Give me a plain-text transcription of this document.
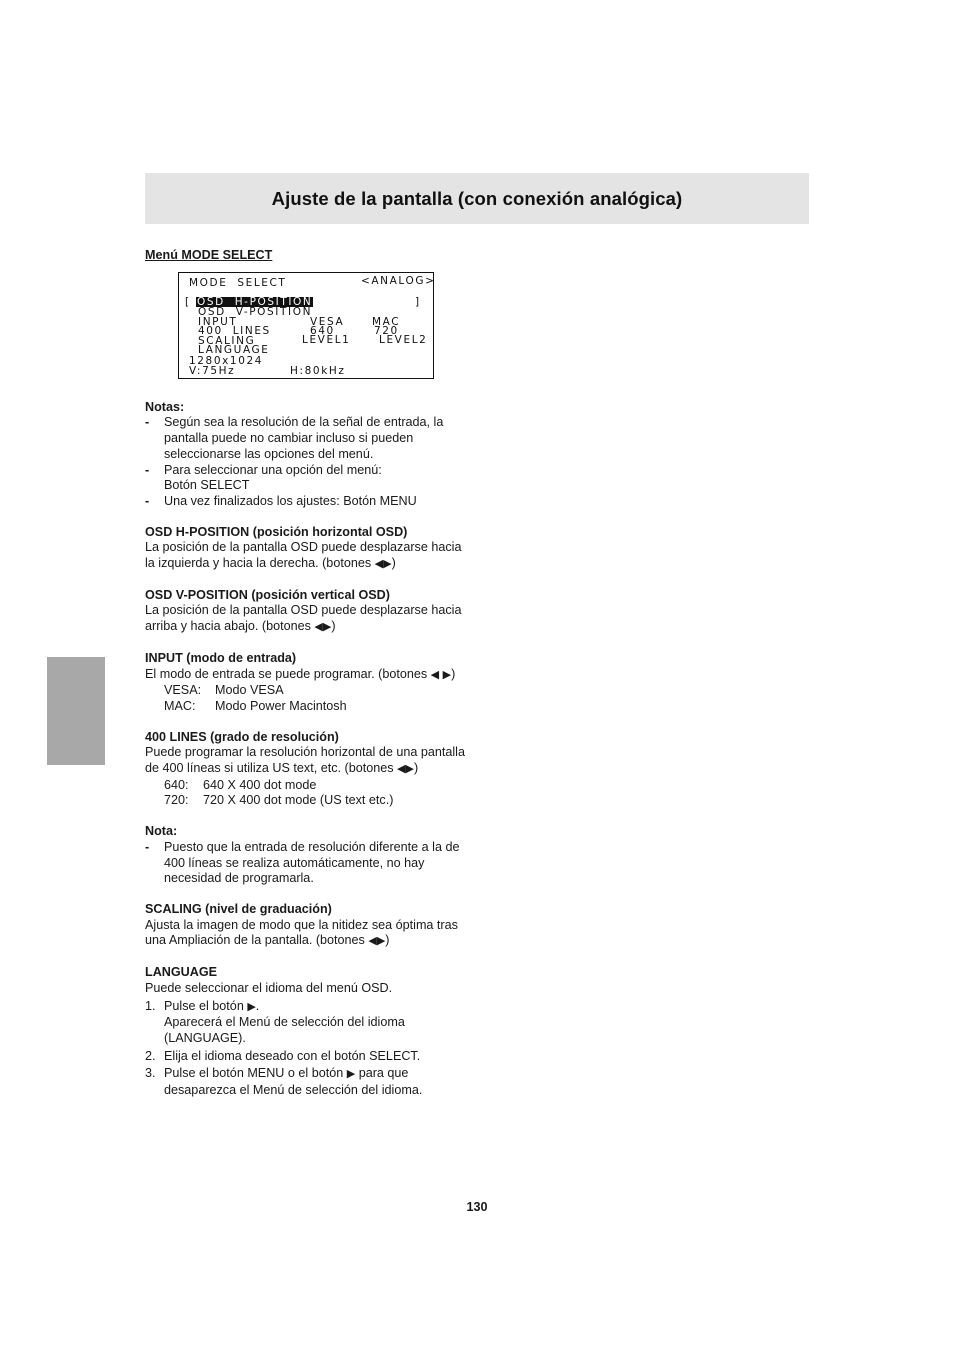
Ajuste de la pantalla (con conexión analógica)

Menú MODE SELECT

MODE  SELECT	<ANALOG>
[ OSD  H-POSITION	]
OSD  V-POSITION
INPUT	VESA	MAC
400  LINES	640	720
SCALING	LEVEL1	LEVEL2
LANGUAGE
1280x1024
V:75Hz	H:80kHz

Notas:

-	Según sea la resolución de la señal de entrada, la pantalla puede no cambiar incluso si pueden seleccionarse las opciones del menú.
-	Para seleccionar una opción del menú:
Botón SELECT
-	Una vez finalizados los ajustes: Botón MENU

OSD H-POSITION (posición horizontal OSD)

La posición de la pantalla OSD puede desplazarse hacia la izquierda y hacia la derecha. (botones ◀▶)

OSD V-POSITION (posición vertical OSD)

La posición de la pantalla OSD puede desplazarse hacia arriba y hacia abajo. (botones ◀▶)

INPUT (modo de entrada)

El modo de entrada se puede programar. (botones ◀ ▶)

VESA:	Modo VESA
MAC:	Modo Power Macintosh

400 LINES (grado de resolución)

Puede programar la resolución horizontal de una pantalla de 400 líneas si utiliza US text, etc. (botones ◀▶)

640:	640 X 400 dot mode
720:	720 X 400 dot mode (US text etc.)

Nota:

-	Puesto que la entrada de resolución diferente a la de 400 líneas se realiza automáticamente, no hay necesidad de programarla.

SCALING (nivel de graduación)

Ajusta la imagen de modo que la nitidez sea óptima tras una Ampliación de la pantalla. (botones ◀▶)

LANGUAGE

Puede seleccionar el idioma del menú OSD.

1. Pulse el botón ▶.
Aparecerá el Menú de selección del idioma (LANGUAGE).
2. Elija el idioma deseado con el botón SELECT.
3. Pulse el botón MENU o el botón ▶ para que desaparezca el Menú de selección del idioma.
130
